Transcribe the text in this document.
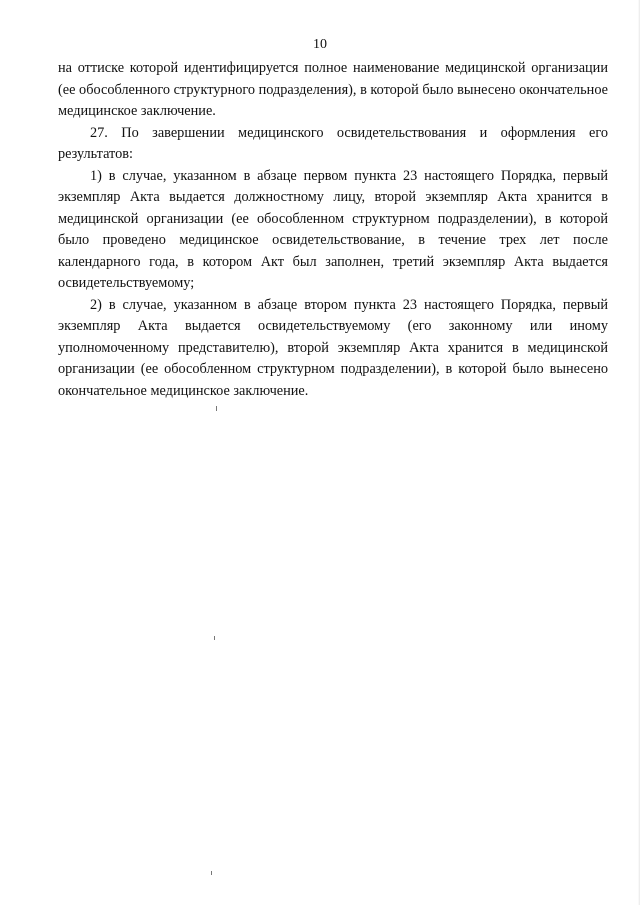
10

на оттиске которой идентифицируется полное наименование медицинской организации (ее обособленного структурного подразделения), в которой было вынесено окончательное медицинское заключение.

27. По завершении медицинского освидетельствования и оформления его результатов:

1) в случае, указанном в абзаце первом пункта 23 настоящего Порядка, первый экземпляр Акта выдается должностному лицу, второй экземпляр Акта хранится в медицинской организации (ее обособленном структурном подразделении), в которой было проведено медицинское освидетельствование, в течение трех лет после календарного года, в котором Акт был заполнен, третий экземпляр Акта выдается освидетельствуемому;

2) в случае, указанном в абзаце втором пункта 23 настоящего Порядка, первый экземпляр Акта выдается освидетельствуемому (его законному или иному уполномоченному представителю), второй экземпляр Акта хранится в медицинской организации (ее обособленном структурном подразделении), в которой было вынесено окончательное медицинское заключение.
